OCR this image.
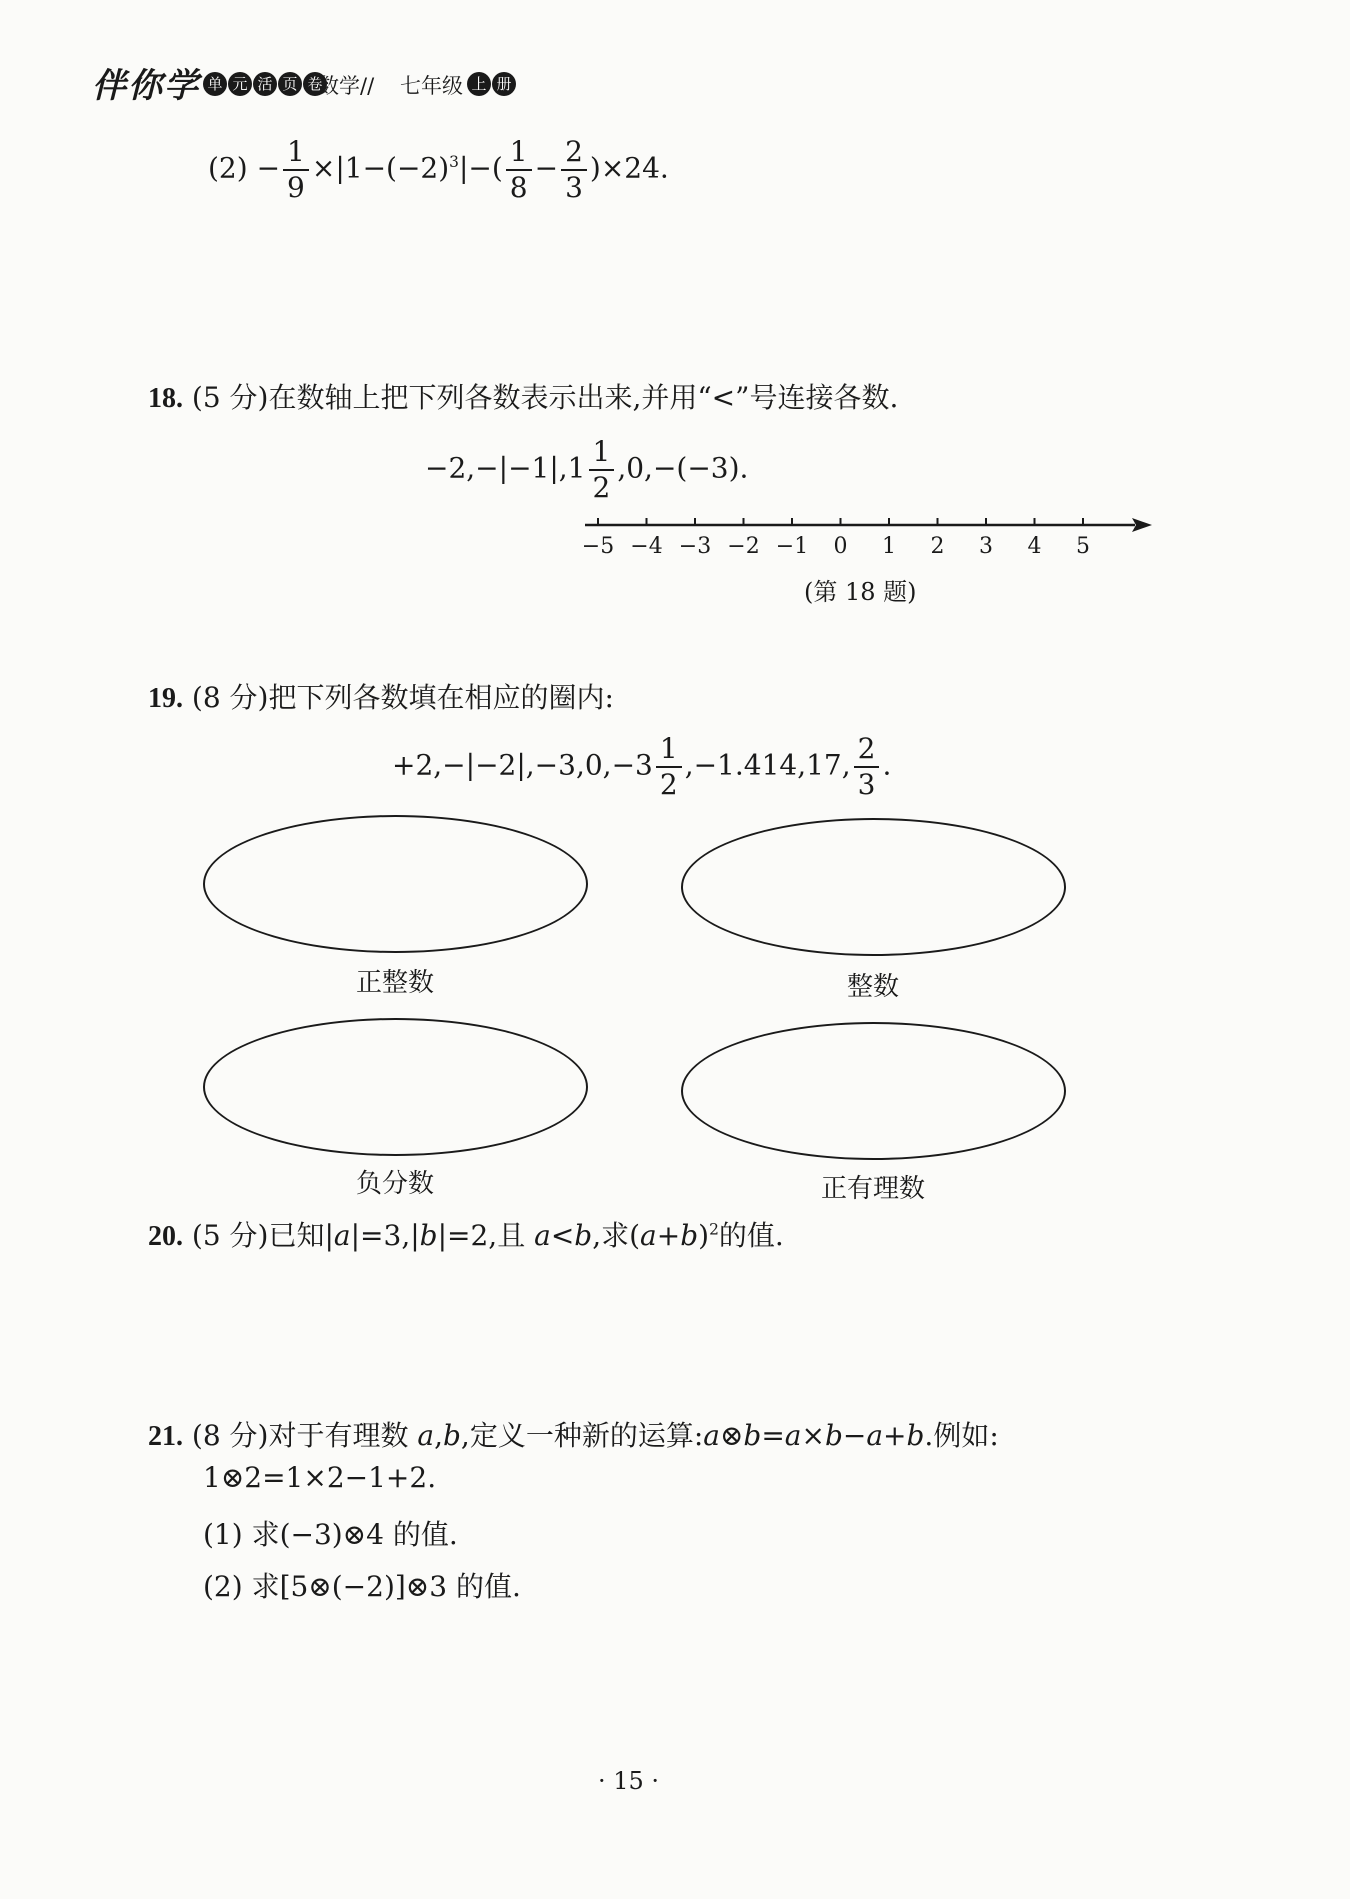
伴你学 单 元 活 页 卷
数学// 七年级 上 册
$(2) - \frac{1}{9} \times|1-(-2)^3|-( \frac{1}{8} - \frac{2}{3} )\times 24$.
18. (5 分)在数轴上把下列各数表示出来,并用“<”号连接各数.
$-2,-|-1|,1 \frac{1}{2} ,0,-(-3)$.
−5 −4 −3 −2 −1 0 1 2 3 4 5
(第 18 题)
19. (8 分)把下列各数填在相应的圈内:
$+2,-|-2|,-3,0,-3 \frac{1}{2} ,-1.414,17$, $\frac{2}{3}$ .
正整数	整数
负分数	正有理数
20. (5 分)已知|a|=3,|b|=2,且 a<b,求$(a+b)^2$的值.
21. (8 分)对于有理数 a,b,定义一种新的运算:a⊗b=a×b−a+b.例如:
1⊗2=1×2−1+2.
(1) 求(−3)⊗4 的值.
(2) 求[5⊗(−2)]⊗3 的值.
· 15 ·
